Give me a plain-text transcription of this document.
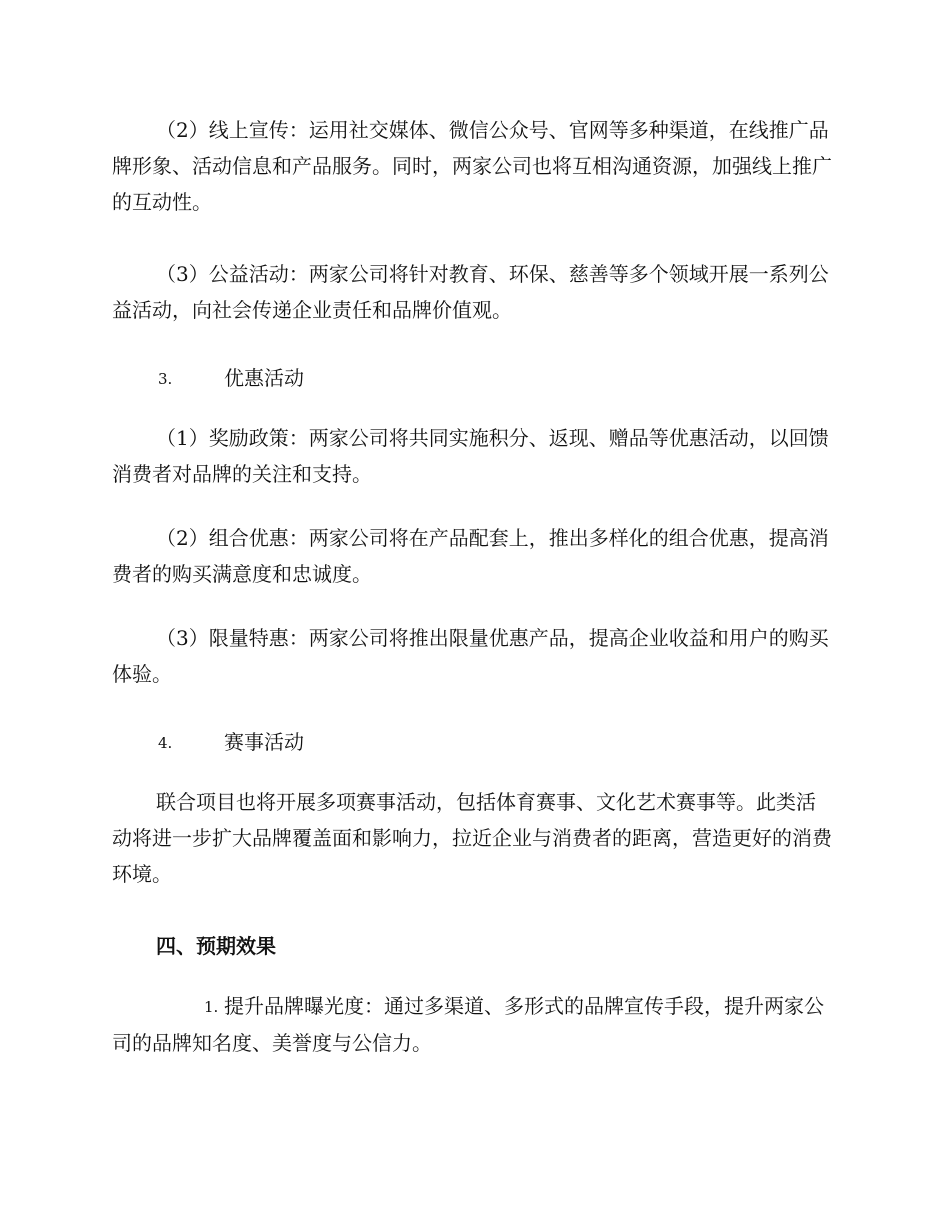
（2）线上宣传：运用社交媒体、微信公众号、官网等多种渠道，在线推广品牌形象、活动信息和产品服务。同时，两家公司也将互相沟通资源，加强线上推广的互动性。

（3）公益活动：两家公司将针对教育、环保、慈善等多个领域开展一系列公益活动，向社会传递企业责任和品牌价值观。

3.	优惠活动

（1）奖励政策：两家公司将共同实施积分、返现、赠品等优惠活动，以回馈消费者对品牌的关注和支持。

（2）组合优惠：两家公司将在产品配套上，推出多样化的组合优惠，提高消费者的购买满意度和忠诚度。

（3）限量特惠：两家公司将推出限量优惠产品，提高企业收益和用户的购买体验。

4.	赛事活动

联合项目也将开展多项赛事活动，包括体育赛事、文化艺术赛事等。此类活动将进一步扩大品牌覆盖面和影响力，拉近企业与消费者的距离，营造更好的消费环境。

四、预期效果

1. 提升品牌曝光度：通过多渠道、多形式的品牌宣传手段，提升两家公司的品牌知名度、美誉度与公信力。
